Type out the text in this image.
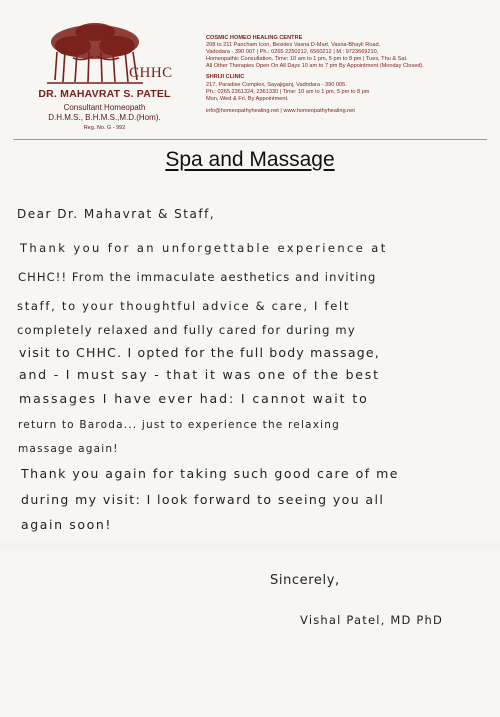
CHHC
DR. MAHAVRAT S. PATEL
Consultant Homeopath
D.H.M.S., B.H.M.S.,M.D.(Hom).
Reg. No. G - 992
COSMIC HOMEO HEALING CENTRE
208 to 211 Pancham Icon, Besides Vasna D-Mart, Vasna-Bhayli Road,
Vadodara - 390 007 | Ph.: 0265 2250212, 6560212 | M.: 9723669210,
Homeopathic Consultation. Time: 10 am to 1 pm, 5 pm to 8 pm | Tues, Thu & Sat.
All Other Therapies Open On All Days 10 am to 7 pm By Appointment (Monday Closed).
SHRIJI CLINIC
217, Paradise Complex, Sayajiganj, Vadodara - 390 005.
Ph.: 0265 2361324, 2361330 | Time: 10 am to 1 pm, 5 pm to 8 pm
Mon, Wed & Fri. By Appointment.
info@homeopathyhealing.net | www.homeopathyhealing.net
Spa and Massage
Dear Dr. Mahavrat & Staff,
Thank you for an unforgettable experience at
CHHC!! From the immaculate aesthetics and inviting
staff, to your thoughtful advice & care, I felt
completely relaxed and fully cared for during my
visit to CHHC. I opted for the full body massage,
and - I must say - that it was one of the best
massages I have ever had: I cannot wait to
return to Baroda... just to experience the relaxing
massage again!
Thank you again for taking such good care of me
during my visit: I look forward to seeing you all
again soon!
Sincerely,
Vishal Patel, MD PhD
